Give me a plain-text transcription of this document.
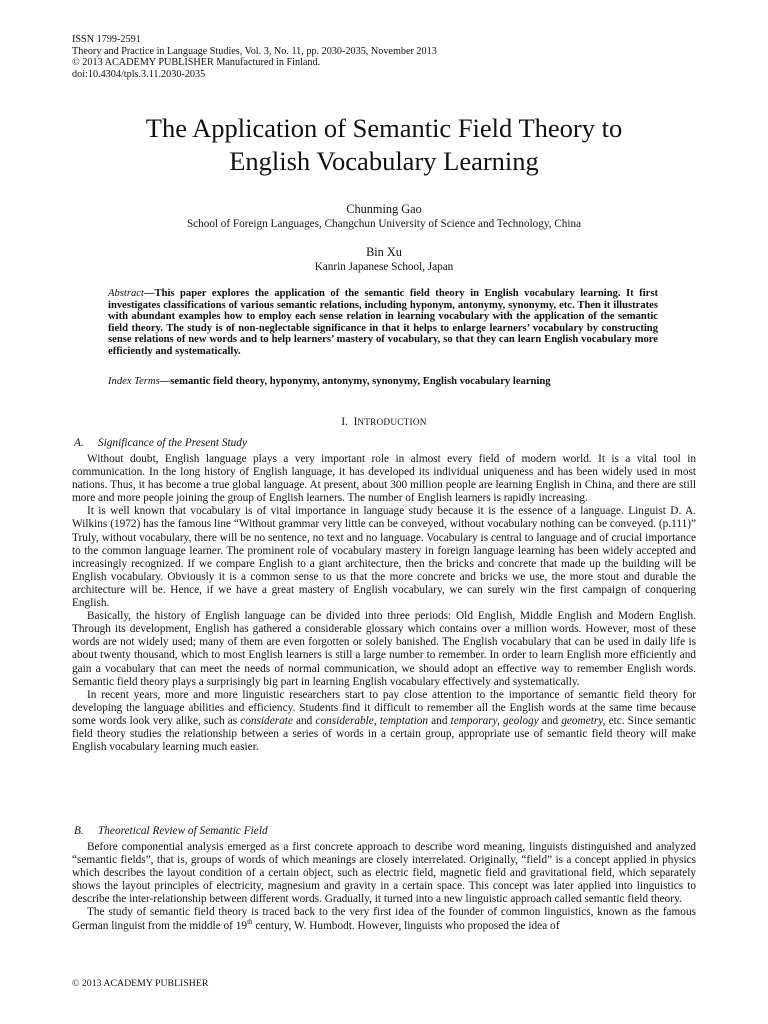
ISSN 1799-2591
Theory and Practice in Language Studies, Vol. 3, No. 11, pp. 2030-2035, November 2013
© 2013 ACADEMY PUBLISHER Manufactured in Finland.
doi:10.4304/tpls.3.11.2030-2035
The Application of Semantic Field Theory to
English Vocabulary Learning
Chunming Gao
School of Foreign Languages, Changchun University of Science and Technology, China
Bin Xu
Kanrin Japanese School, Japan
Abstract—This paper explores the application of the semantic field theory in English vocabulary learning. It first investigates classifications of various semantic relations, including hyponym, antonymy, synonymy, etc. Then it illustrates with abundant examples how to employ each sense relation in learning vocabulary with the application of the semantic field theory. The study is of non-neglectable significance in that it helps to enlarge learners’ vocabulary by constructing sense relations of new words and to help learners’ mastery of vocabulary, so that they can learn English vocabulary more efficiently and systematically.
Index Terms—semantic field theory, hyponymy, antonymy, synonymy, English vocabulary learning
I. INTRODUCTION
A. Significance of the Present Study

Without doubt, English language plays a very important role in almost every field of modern world. It is a vital tool in communication. In the long history of English language, it has developed its individual uniqueness and has been widely used in most nations. Thus, it has become a true global language. At present, about 300 million people are learning English in China, and there are still more and more people joining the group of English learners. The number of English learners is rapidly increasing.

It is well known that vocabulary is of vital importance in language study because it is the essence of a language. Linguist D. A. Wilkins (1972) has the famous line “Without grammar very little can be conveyed, without vocabulary nothing can be conveyed. (p.111)” Truly, without vocabulary, there will be no sentence, no text and no language. Vocabulary is central to language and of crucial importance to the common language learner. The prominent role of vocabulary mastery in foreign language learning has been widely accepted and increasingly recognized. If we compare English to a giant architecture, then the bricks and concrete that made up the building will be English vocabulary. Obviously it is a common sense to us that the more concrete and bricks we use, the more stout and durable the architecture will be. Hence, if we have a great mastery of English vocabulary, we can surely win the first campaign of conquering English.

Basically, the history of English language can be divided into three periods: Old English, Middle English and Modern English. Through its development, English has gathered a considerable glossary which contains over a million words. However, most of these words are not widely used; many of them are even forgotten or solely banished. The English vocabulary that can be used in daily life is about twenty thousand, which to most English learners is still a large number to remember. In order to learn English more efficiently and gain a vocabulary that can meet the needs of normal communication, we should adopt an effective way to remember English words. Semantic field theory plays a surprisingly big part in learning English vocabulary effectively and systematically.

In recent years, more and more linguistic researchers start to pay close attention to the importance of semantic field theory for developing the language abilities and efficiency. Students find it difficult to remember all the English words at the same time because some words look very alike, such as considerate and considerable, temptation and temporary, geology and geometry, etc. Since semantic field theory studies the relationship between a series of words in a certain group, appropriate use of semantic field theory will make English vocabulary learning much easier.

B. Theoretical Review of Semantic Field

Before componential analysis emerged as a first concrete approach to describe word meaning, linguists distinguished and analyzed “semantic fields”, that is, groups of words of which meanings are closely interrelated. Originally, “field” is a concept applied in physics which describes the layout condition of a certain object, such as electric field, magnetic field and gravitational field, which separately shows the layout principles of electricity, magnesium and gravity in a certain space. This concept was later applied into linguistics to describe the inter-relationship between different words. Gradually, it turned into a new linguistic approach called semantic field theory.

The study of semantic field theory is traced back to the very first idea of the founder of common linguistics, known as the famous German linguist from the middle of 19th century, W. Humbodt. However, linguists who proposed the idea of

© 2013 ACADEMY PUBLISHER
